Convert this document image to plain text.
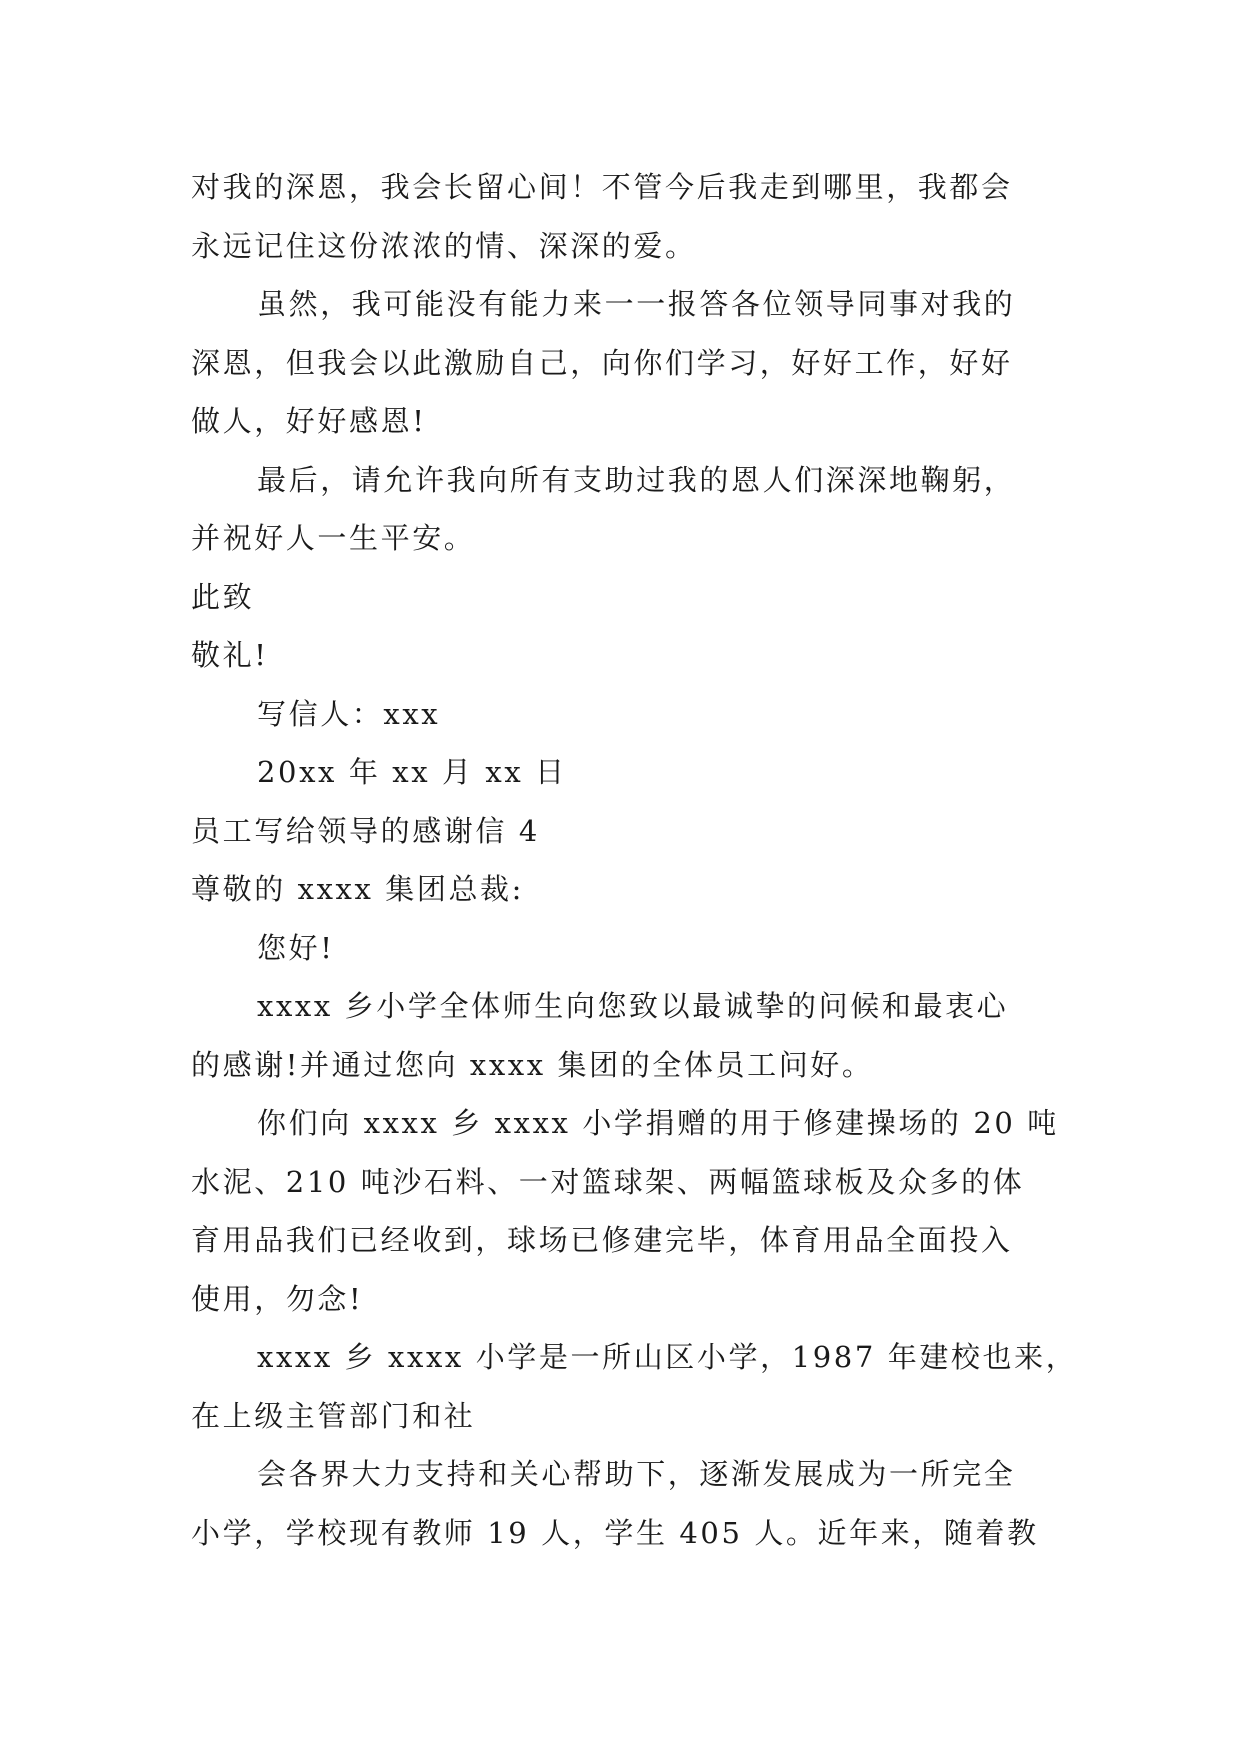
对我的深恩，我会长留心间！不管今后我走到哪里，我都会
永远记住这份浓浓的情、深深的爱。
虽然，我可能没有能力来一一报答各位领导同事对我的
深恩，但我会以此激励自己，向你们学习，好好工作，好好
做人，好好感恩!
最后，请允许我向所有支助过我的恩人们深深地鞠躬，
并祝好人一生平安。
此致
敬礼!
写信人：xxx
20xx 年 xx 月 xx 日
员工写给领导的感谢信 4
尊敬的 xxxx 集团总裁:
您好!
xxxx 乡小学全体师生向您致以最诚挚的问候和最衷心
的感谢!并通过您向 xxxx 集团的全体员工问好。
你们向 xxxx 乡 xxxx 小学捐赠的用于修建操场的 20 吨
水泥、210 吨沙石料、一对篮球架、两幅篮球板及众多的体
育用品我们已经收到，球场已修建完毕，体育用品全面投入
使用，勿念!
xxxx 乡 xxxx 小学是一所山区小学，1987 年建校也来，
在上级主管部门和社
会各界大力支持和关心帮助下，逐渐发展成为一所完全
小学，学校现有教师 19 人，学生 405 人。近年来，随着教
